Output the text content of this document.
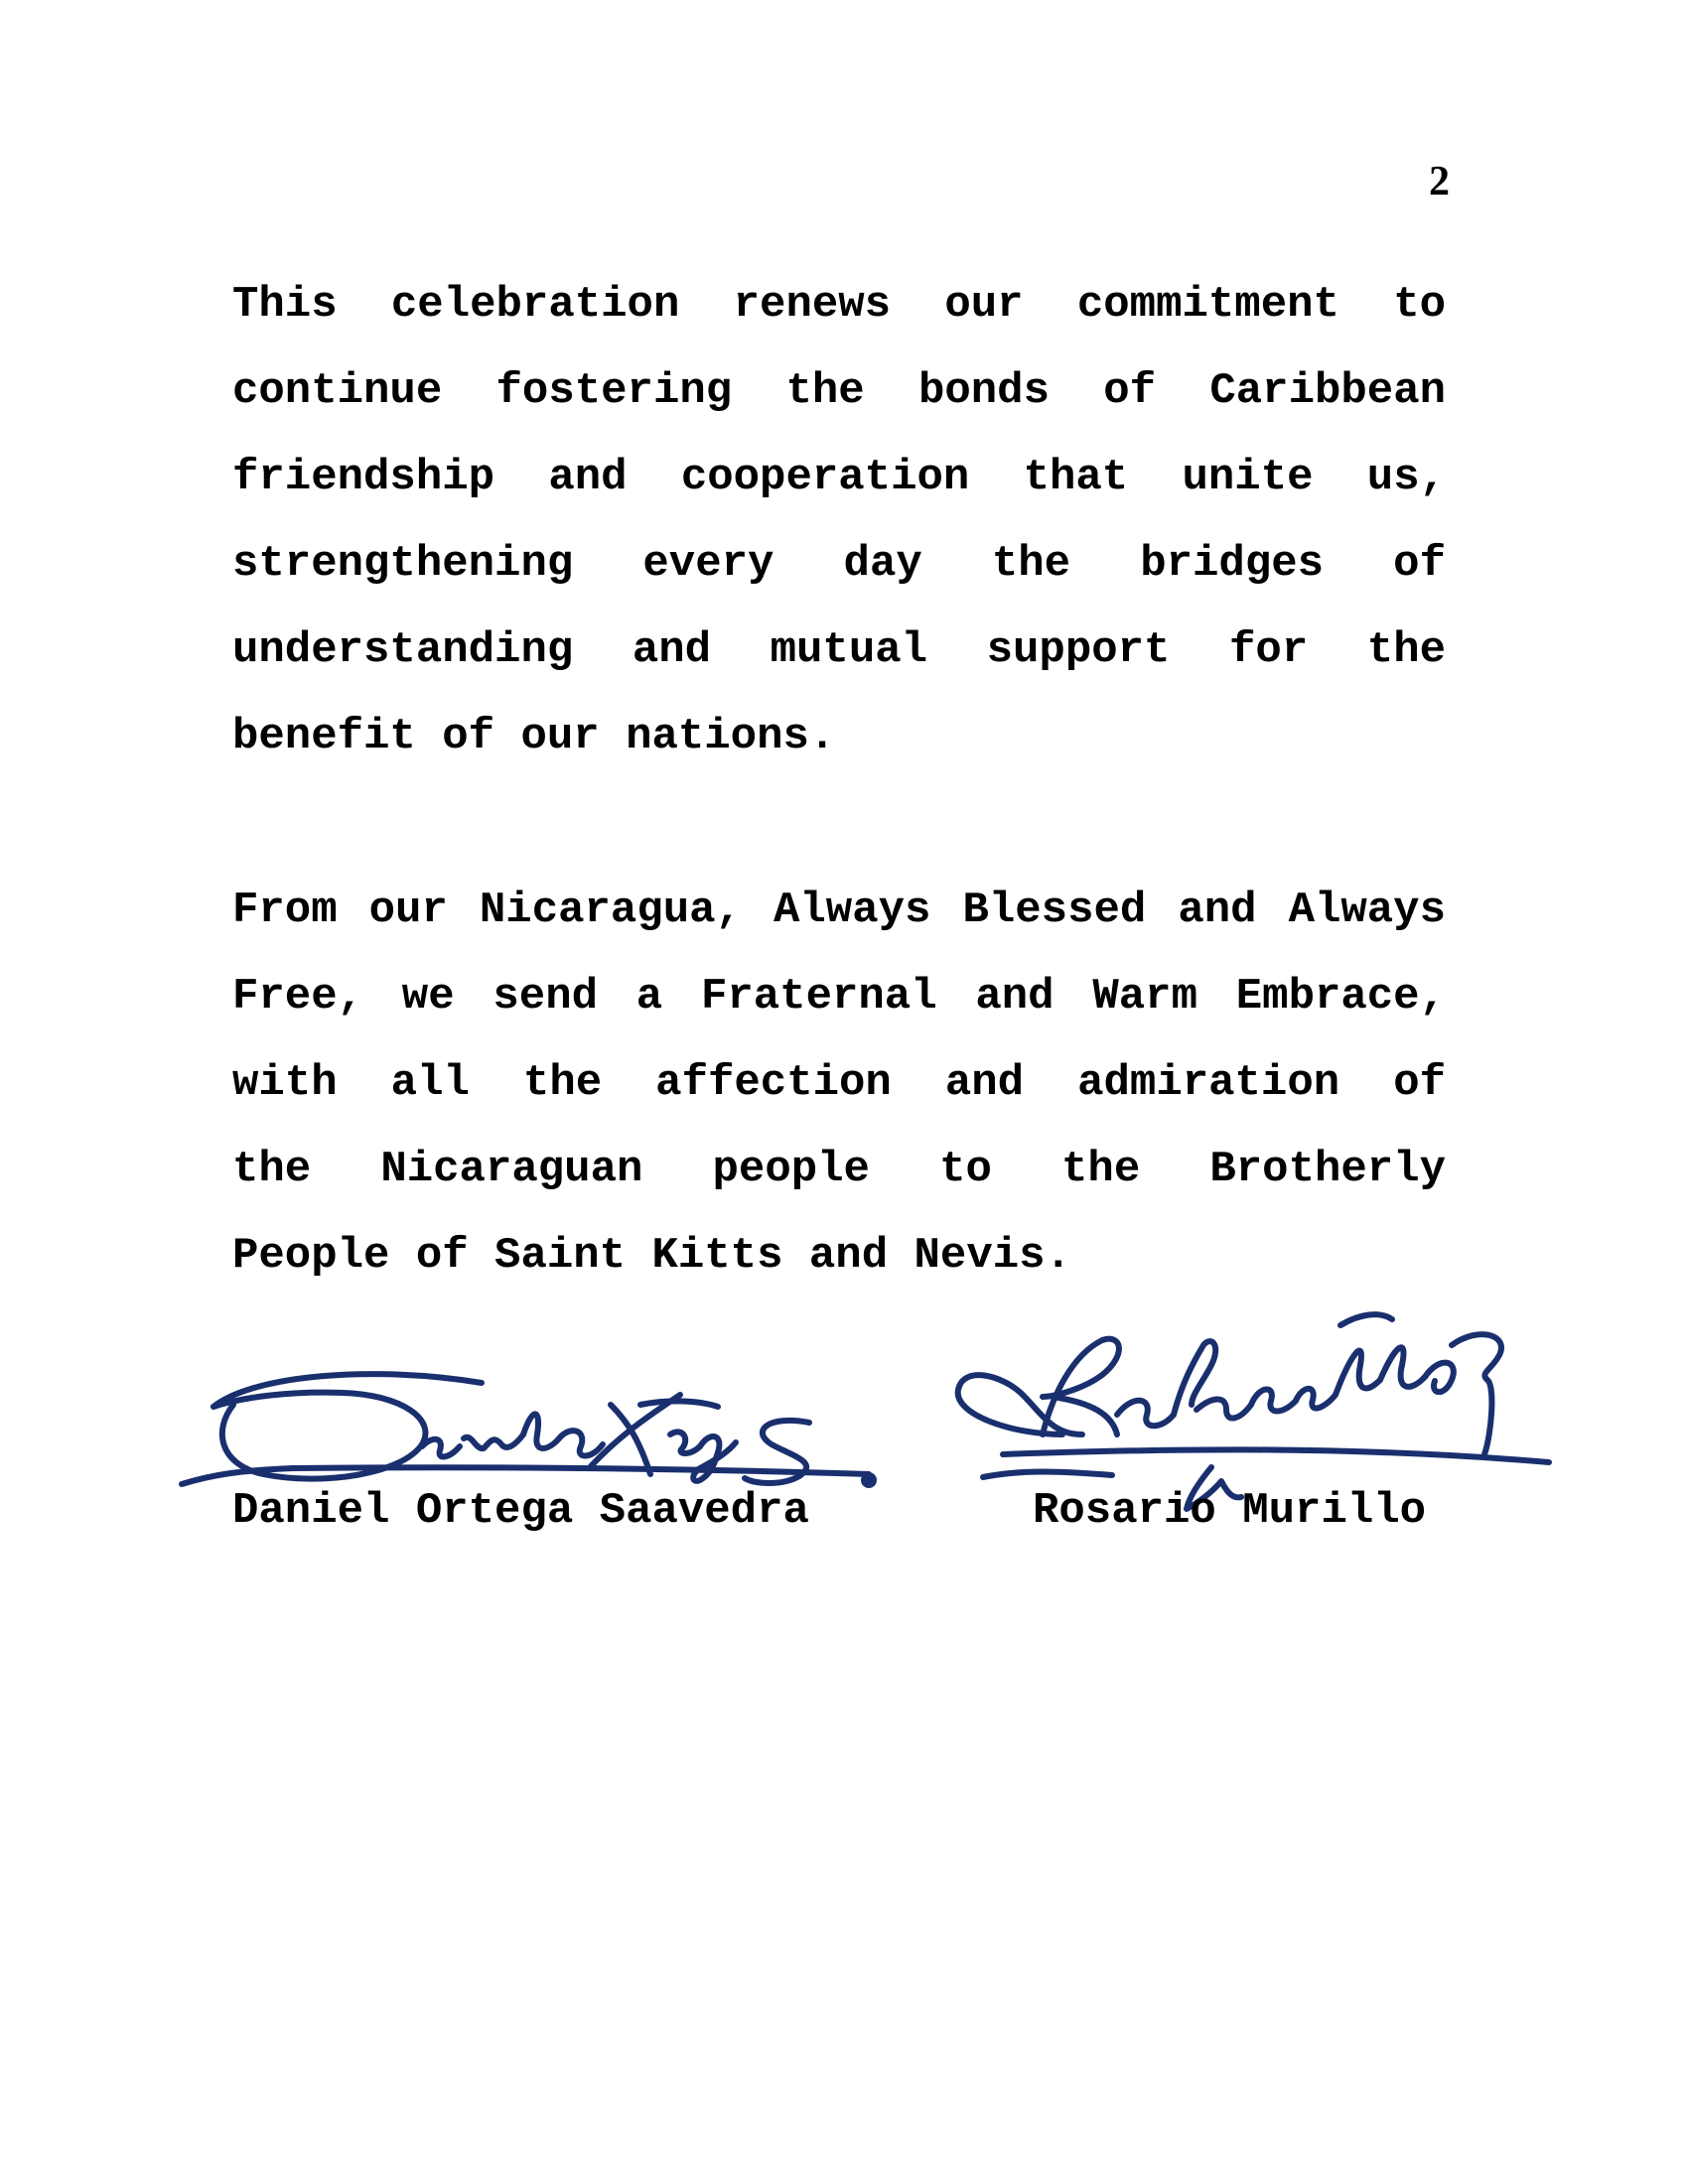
2
This celebration renews our commitment to
continue fostering the bonds of Caribbean
friendship and cooperation that unite us,
strengthening every day the bridges of
understanding and mutual support for the
benefit of our nations.
From our Nicaragua, Always Blessed and Always
Free, we send a Fraternal and Warm Embrace,
with all the affection and admiration of
the Nicaraguan people to the Brotherly
People of Saint Kitts and Nevis.
Daniel Ortega Saavedra	Rosario Murillo
